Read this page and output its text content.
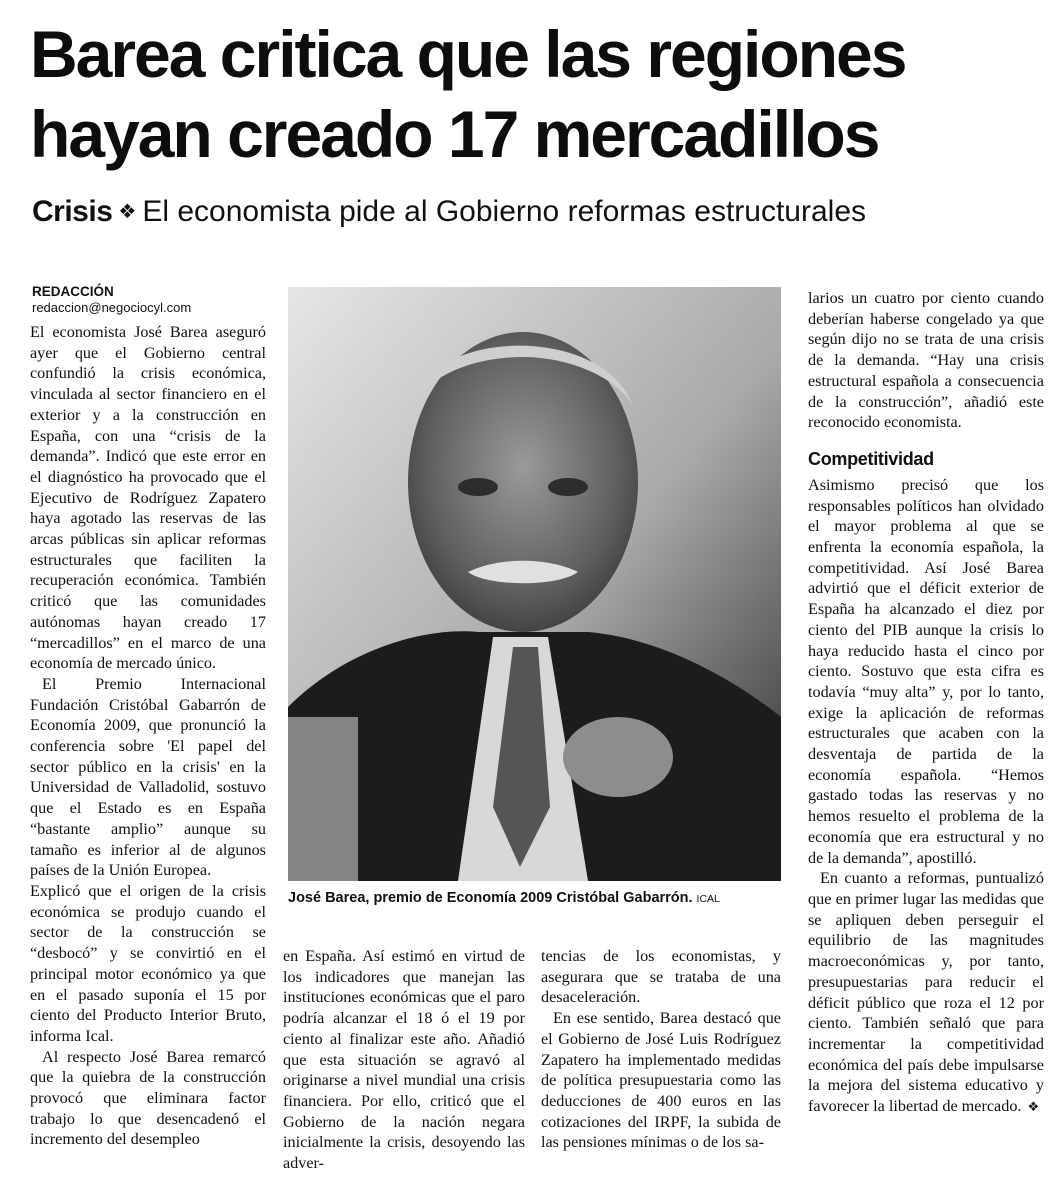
Barea critica que las regiones hayan creado 17 mercadillos
Crisis ❖ El economista pide al Gobierno reformas estructurales
REDACCIÓN
redaccion@negociocyl.com

El economista José Barea aseguró ayer que el Gobierno central confundió la crisis económica, vinculada al sector financiero en el exterior y a la construcción en España, con una “crisis de la demanda”. Indicó que este error en el diagnóstico ha provocado que el Ejecutivo de Rodríguez Zapatero haya agotado las reservas de las arcas públicas sin aplicar reformas estructurales que faciliten la recuperación económica. También criticó que las comunidades autónomas hayan creado 17 “mercadillos” en el marco de una economía de mercado único.

El Premio Internacional Fundación Cristóbal Gabarrón de Economía 2009, que pronunció la conferencia sobre 'El papel del sector público en la crisis' en la Universidad de Valladolid, sostuvo que el Estado es en España “bastante amplio” aunque su tamaño es inferior al de algunos países de la Unión Europea.

Explicó que el origen de la crisis económica se produjo cuando el sector de la construcción se “desbocó” y se convirtió en el principal motor económico ya que en el pasado suponía el 15 por ciento del Producto Interior Bruto, informa Ical.

Al respecto José Barea remarcó que la quiebra de la construcción provocó que eliminara factor trabajo lo que desencadenó el incremento del desempleo

José Barea, premio de Economía 2009 Cristóbal Gabarrón. ICAL

en España. Así estimó en virtud de los indicadores que manejan las instituciones económicas que el paro podría alcanzar el 18 ó el 19 por ciento al finalizar este año. Añadió que esta situación se agravó al originarse a nivel mundial una crisis financiera. Por ello, criticó que el Gobierno de la nación negara inicialmente la crisis, desoyendo las adver-

tencias de los economistas, y asegurara que se trataba de una desaceleración.

En ese sentido, Barea destacó que el Gobierno de José Luis Rodríguez Zapatero ha implementado medidas de política presupuestaria como las deducciones de 400 euros en las cotizaciones del IRPF, la subida de las pensiones mínimas o de los sa-

larios un cuatro por ciento cuando deberían haberse congelado ya que según dijo no se trata de una crisis de la demanda. “Hay una crisis estructural española a consecuencia de la construcción”, añadió este reconocido economista.

Competitividad

Asimismo precisó que los responsables políticos han olvidado el mayor problema al que se enfrenta la economía española, la competitividad. Así José Barea advirtió que el déficit exterior de España ha alcanzado el diez por ciento del PIB aunque la crisis lo haya reducido hasta el cinco por ciento. Sostuvo que esta cifra es todavía “muy alta” y, por lo tanto, exige la aplicación de reformas estructurales que acaben con la desventaja de partida de la economía española. “Hemos gastado todas las reservas y no hemos resuelto el problema de la economía que era estructural y no de la demanda”, apostilló.

En cuanto a reformas, puntualizó que en primer lugar las medidas que se apliquen deben perseguir el equilibrio de las magnitudes macroeconómicas y, por tanto, presupuestarias para reducir el déficit público que roza el 12 por ciento. También señaló que para incrementar la competitividad económica del país debe impulsarse la mejora del sistema educativo y favorecer la libertad de mercado. ❖
